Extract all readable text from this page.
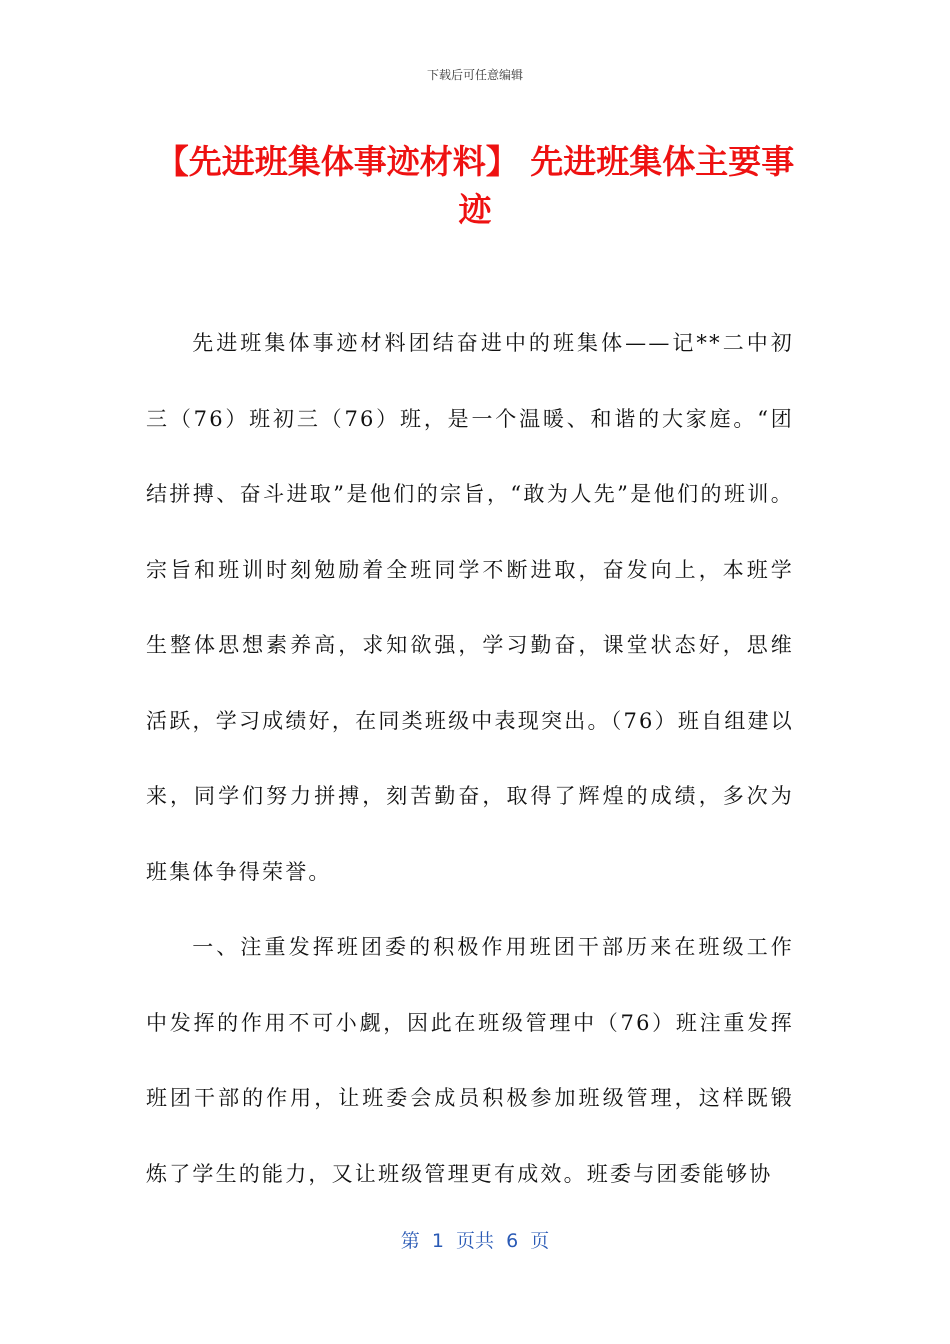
下载后可任意编辑
【先进班集体事迹材料】 先进班集体主要事迹

先进班集体事迹材料团结奋进中的班集体——记**二中初三（76）班初三（76）班，是一个温暖、和谐的大家庭。“团结拼搏、奋斗进取”是他们的宗旨，“敢为人先”是他们的班训。宗旨和班训时刻勉励着全班同学不断进取，奋发向上，本班学生整体思想素养高，求知欲强，学习勤奋，课堂状态好，思维活跃，学习成绩好，在同类班级中表现突出。（76）班自组建以来，同学们努力拼搏，刻苦勤奋，取得了辉煌的成绩，多次为班集体争得荣誉。

一、注重发挥班团委的积极作用班团干部历来在班级工作中发挥的作用不可小觑，因此在班级管理中（76）班注重发挥班团干部的作用，让班委会成员积极参加班级管理，这样既锻炼了学生的能力，又让班级管理更有成效。班委与团委能够协

第  1  页共  6  页
